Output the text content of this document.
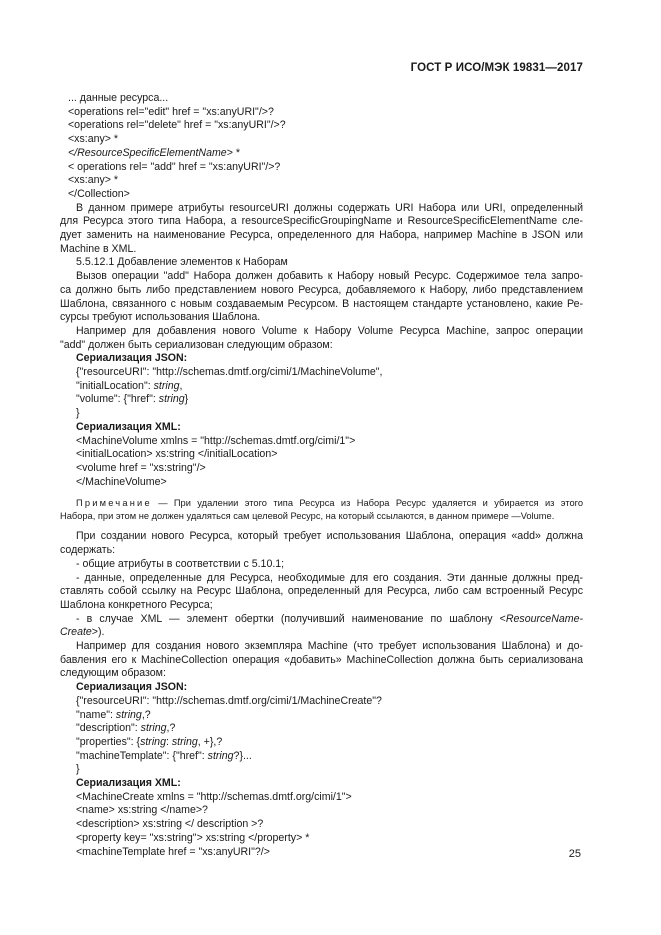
ГОСТ Р ИСО/МЭК 19831—2017
... данные ресурса...
<operations rel="edit" href = "xs:anyURI"/>?
<operations rel="delete" href = "xs:anyURI"/>?
<xs:any> *
</ResourceSpecificElementName> *
< operations rel= "add" href = "xs:anyURI"/>?
<xs:any> *
</Collection>
В данном примере атрибуты resourceURI должны содержать URI Набора или URI, определенный
для Ресурса этого типа Набора, a resourceSpecificGroupingName и ResourceSpecificElementName сле-
дует заменить на наименование Ресурса, определенного для Набора, например Machine в JSON или
Machine в XML.
5.5.12.1 Добавление элементов к Наборам
Вызов операции "add" Набора должен добавить к Набору новый Ресурс. Содержимое тела запро-
са должно быть либо представлением нового Ресурса, добавляемого к Набору, либо представлением
Шаблона, связанного с новым создаваемым Ресурсом. В настоящем стандарте установлено, какие Ре-
сурсы требуют использования Шаблона.
Например для добавления нового Volume к Набору Volume Ресурса Machine, запрос операции
"add" должен быть сериализован следующим образом:
Сериализация JSON:
{"resourceURI": "http://schemas.dmtf.org/cimi/1/MachineVolume",
"initialLocation": string,
"volume": {"href": string}
}
Сериализация XML:
<MachineVolume xmlns = "http://schemas.dmtf.org/cimi/1">
<initialLocation> xs:string </initialLocation>
<volume href = "xs:string"/>
</MachineVolume>
Примечание — При удалении этого типа Ресурса из Набора Ресурс удаляется и убирается из этого
Набора, при этом не должен удаляться сам целевой Ресурс, на который ссылаются, в данном примере —Volume.
При создании нового Ресурса, который требует использования Шаблона, операция «add» должна
содержать:
- общие атрибуты в соответствии с 5.10.1;
- данные, определенные для Ресурса, необходимые для его создания. Эти данные должны пред-
ставлять собой ссылку на Ресурс Шаблона, определенный для Ресурса, либо сам встроенный Ресурс
Шаблона конкретного Ресурса;
- в случае XML — элемент обертки (получивший наименование по шаблону <ResourceName-
Create>).
Например для создания нового экземпляра Machine (что требует использования Шаблона) и до-
бавления его к MachineCollection операция «добавить» MachineCollection должна быть сериализована
следующим образом:
Сериализация JSON:
{"resourceURI": "http://schemas.dmtf.org/cimi/1/MachineCreate"?
"name": string,?
"description": string,?
"properties": {string: string, +},?
"machineTemplate": {"href": string?}...
}
Сериализация XML:
<MachineCreate xmlns = "http://schemas.dmtf.org/cimi/1">
<name> xs:string </name>?
<description> xs:string </ description >?
<property key= "xs:string"> xs:string </property> *
<machineTemplate href = "xs:anyURI"?/>	25
